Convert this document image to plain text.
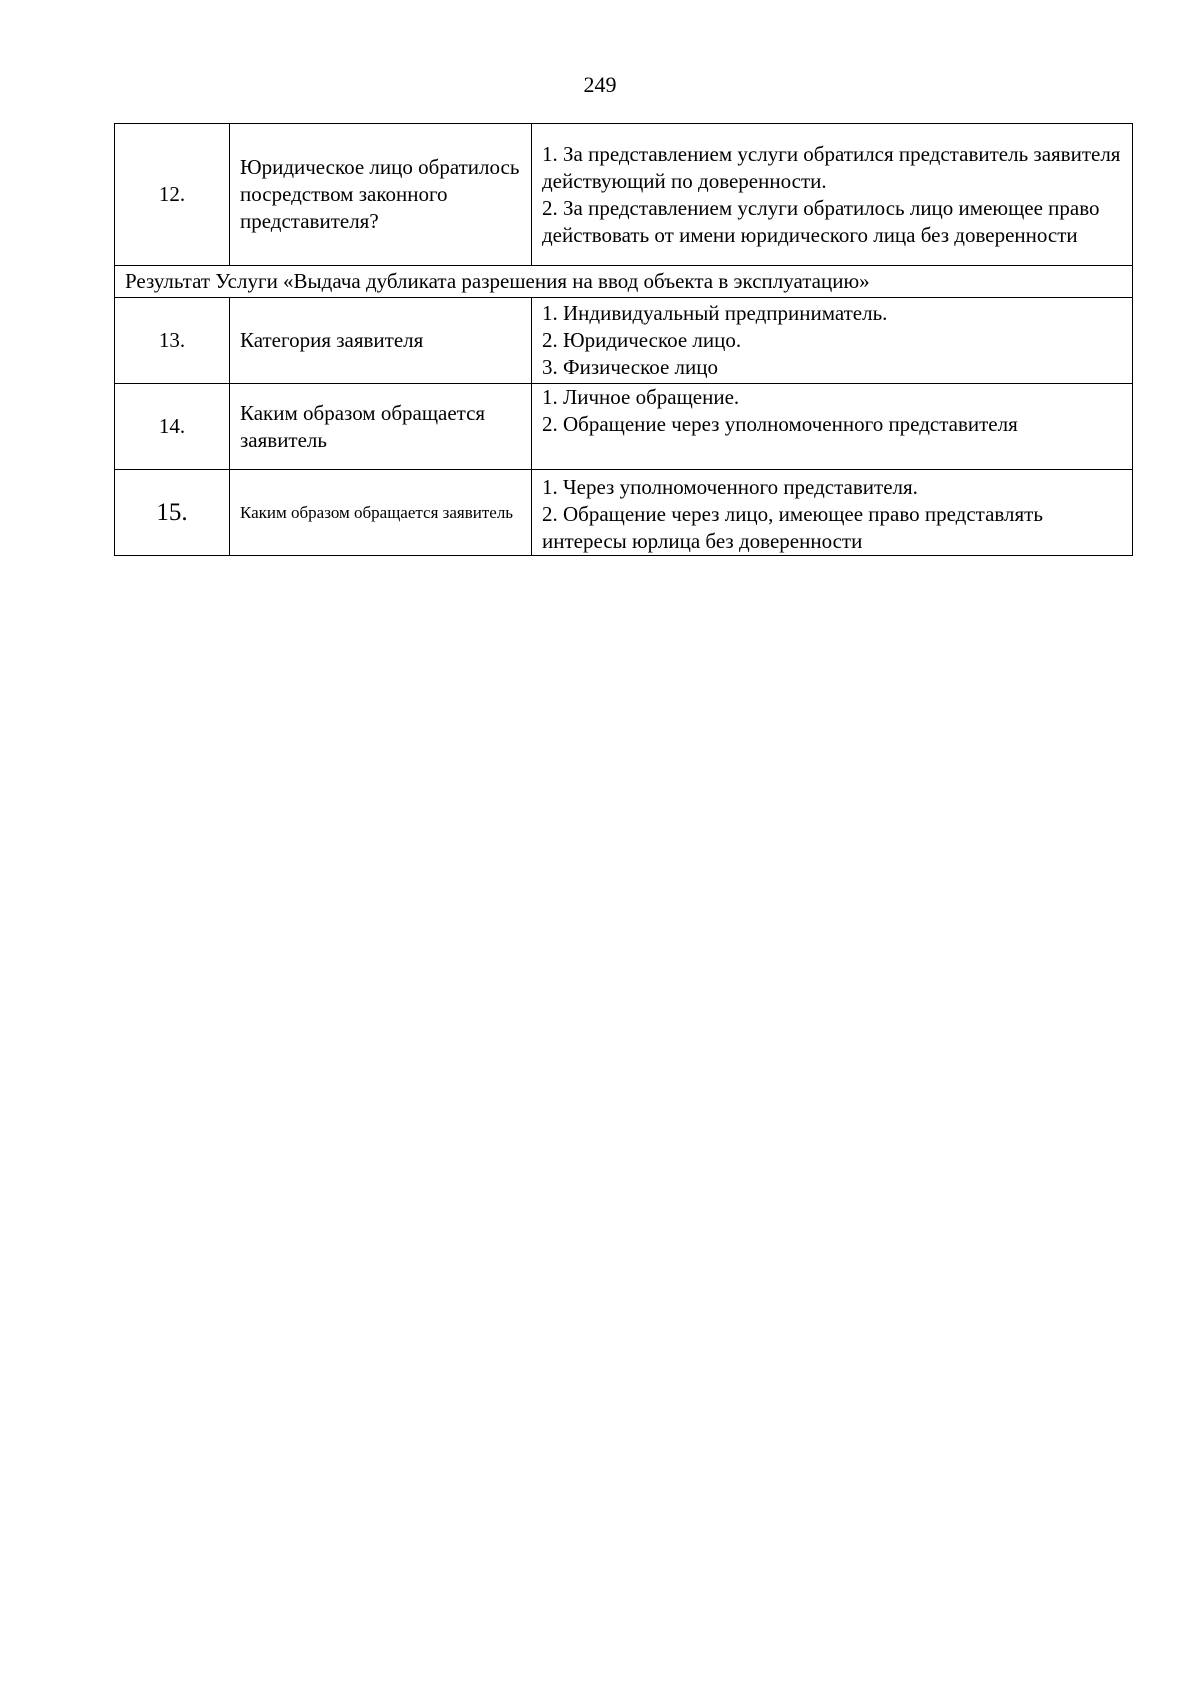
249
12.	Юридическое лицо обратилось посредством законного представителя?	1. За представлением услуги обратился представитель заявителя действующий по доверенности.
2. За представлением услуги обратилось лицо имеющее право действовать от имени юридического лица без доверенности

Результат Услуги «Выдача дубликата разрешения на ввод объекта в эксплуатацию»		
13.	Категория заявителя	1. Индивидуальный предприниматель.
2. Юридическое лицо.
3. Физическое лицо

14.	Каким образом обращается заявитель	1. Личное обращение.
2. Обращение через уполномоченного представителя

15.	Каким образом обращается заявитель	1. Через уполномоченного представителя.
2. Обращение через лицо, имеющее право представлять интересы юрлица без доверенности
